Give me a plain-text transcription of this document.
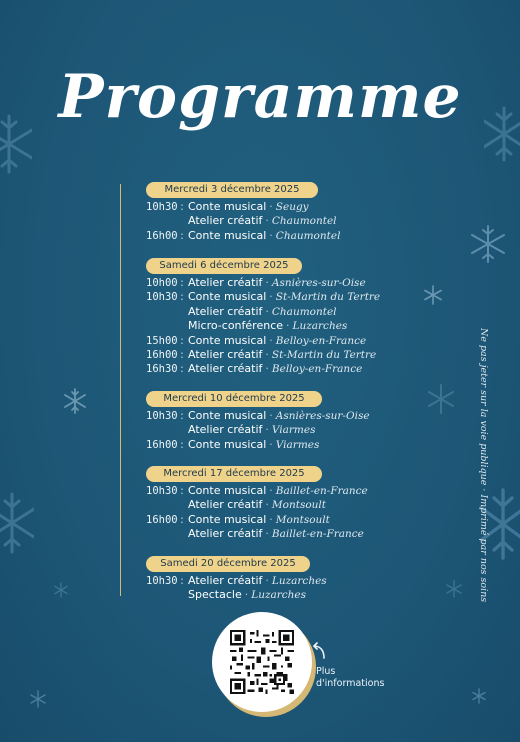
Programme
Mercredi 3 décembre 2025
10h30 : Conte musical · Seugy
Atelier créatif · Chaumontel
16h00 : Conte musical · Chaumontel
Samedi 6 décembre 2025
10h00 : Atelier créatif · Asnières-sur-Oise
10h30 : Conte musical · St-Martin du Tertre
Atelier créatif · Chaumontel
Micro-conférence · Luzarches
15h00 : Conte musical · Belloy-en-France
16h00 : Atelier créatif · St-Martin du Tertre
16h30 : Atelier créatif · Belloy-en-France
Mercredi 10 décembre 2025
10h30 : Conte musical · Asnières-sur-Oise
Atelier créatif · Viarmes
16h00 : Conte musical · Viarmes
Mercredi 17 décembre 2025
10h30 : Conte musical · Baillet-en-France
Atelier créatif · Montsoult
16h00 : Conte musical · Montsoult
Atelier créatif · Baillet-en-France
Samedi 20 décembre 2025
10h30 : Atelier créatif · Luzarches
Spectacle · Luzarches	Ne pas jeter sur la voie publique · Imprimé par nos soins
Plus
d'informations
